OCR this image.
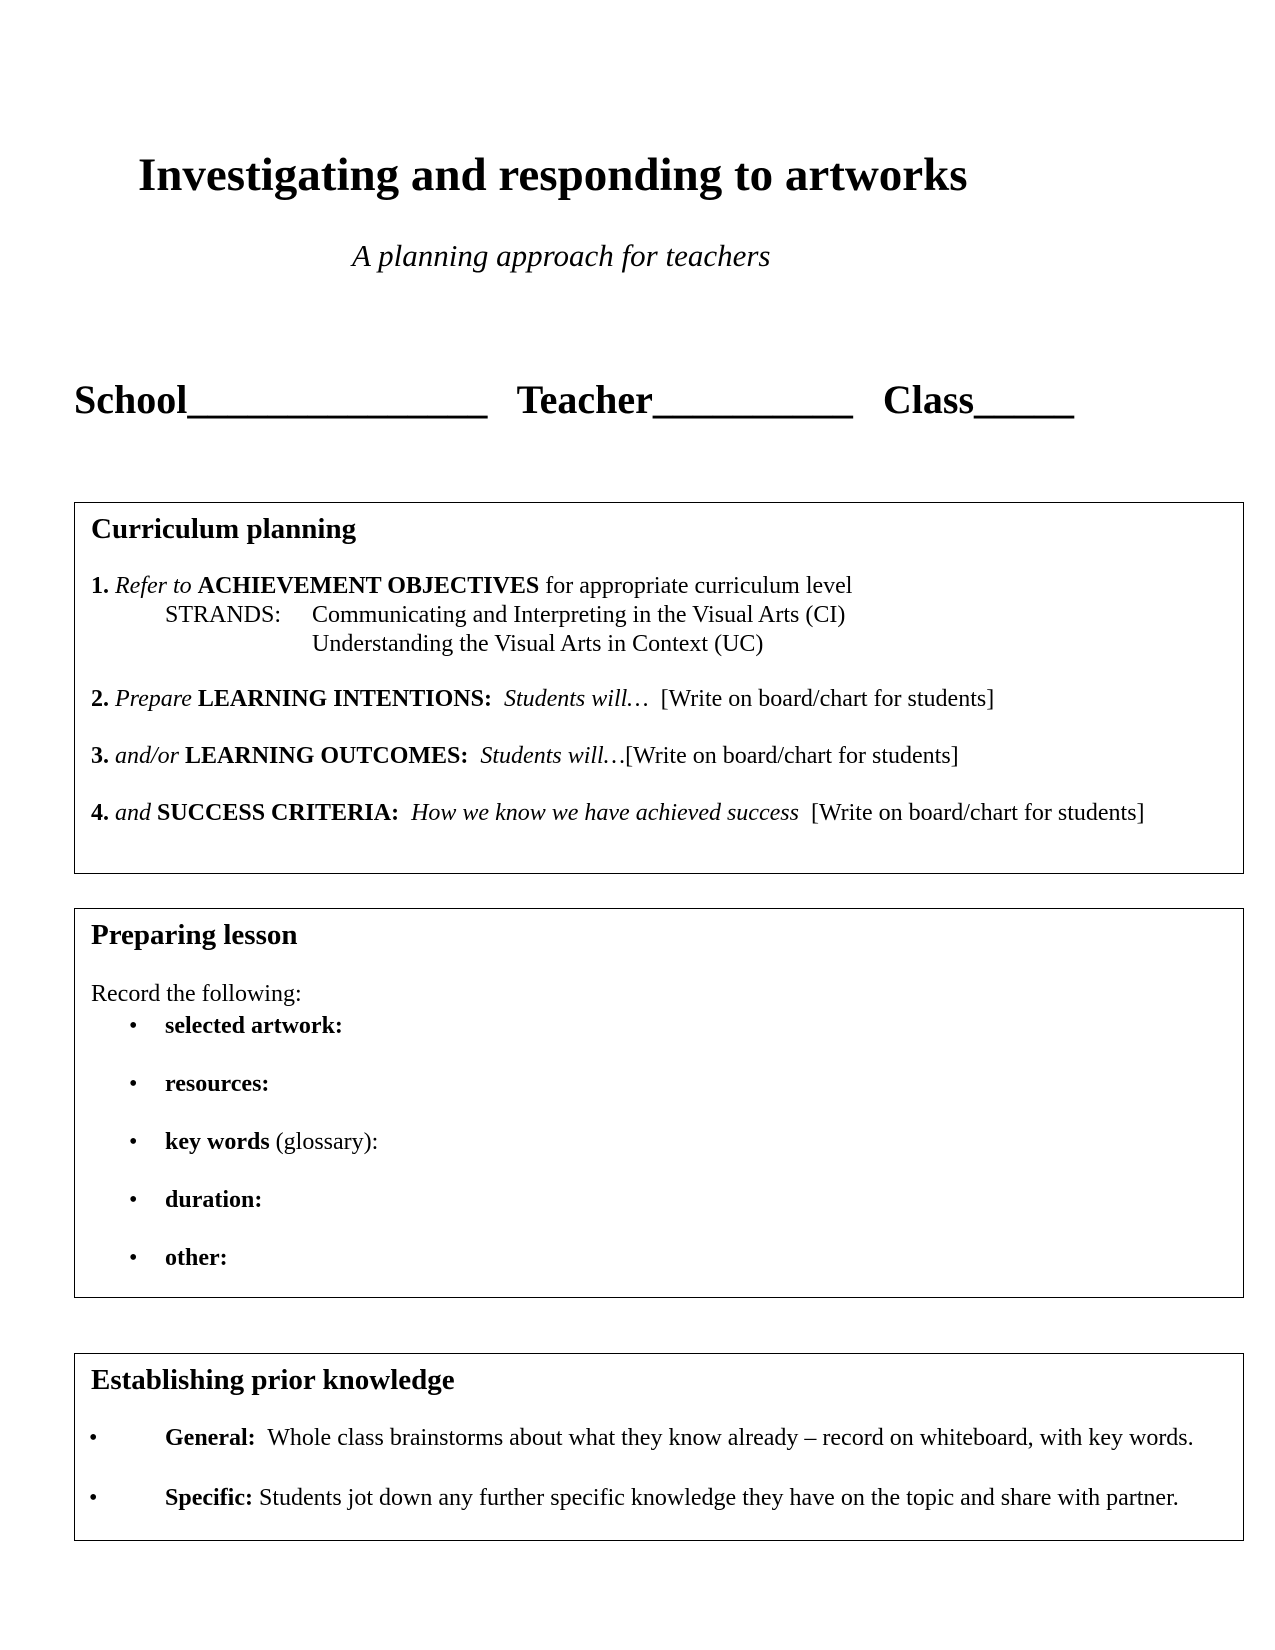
Investigating and responding to artworks
A planning approach for teachers
School_______________ Teacher__________ Class_____
Curriculum planning
1. Refer to ACHIEVEMENT OBJECTIVES for appropriate curriculum level
STRANDS: Communicating and Interpreting in the Visual Arts (CI)
Understanding the Visual Arts in Context (UC)
2. Prepare LEARNING INTENTIONS: Students will… [Write on board/chart for students]
3. and/or LEARNING OUTCOMES: Students will…[Write on board/chart for students]
4. and SUCCESS CRITERIA: How we know we have achieved success [Write on board/chart for students]
Preparing lesson
Record the following:
• selected artwork:
• resources:
• key words (glossary):
• duration:
• other:
Establishing prior knowledge
•	General: Whole class brainstorms about what they know already – record on whiteboard, with key words.
•	Specific: Students jot down any further specific knowledge they have on the topic and share with partner.
